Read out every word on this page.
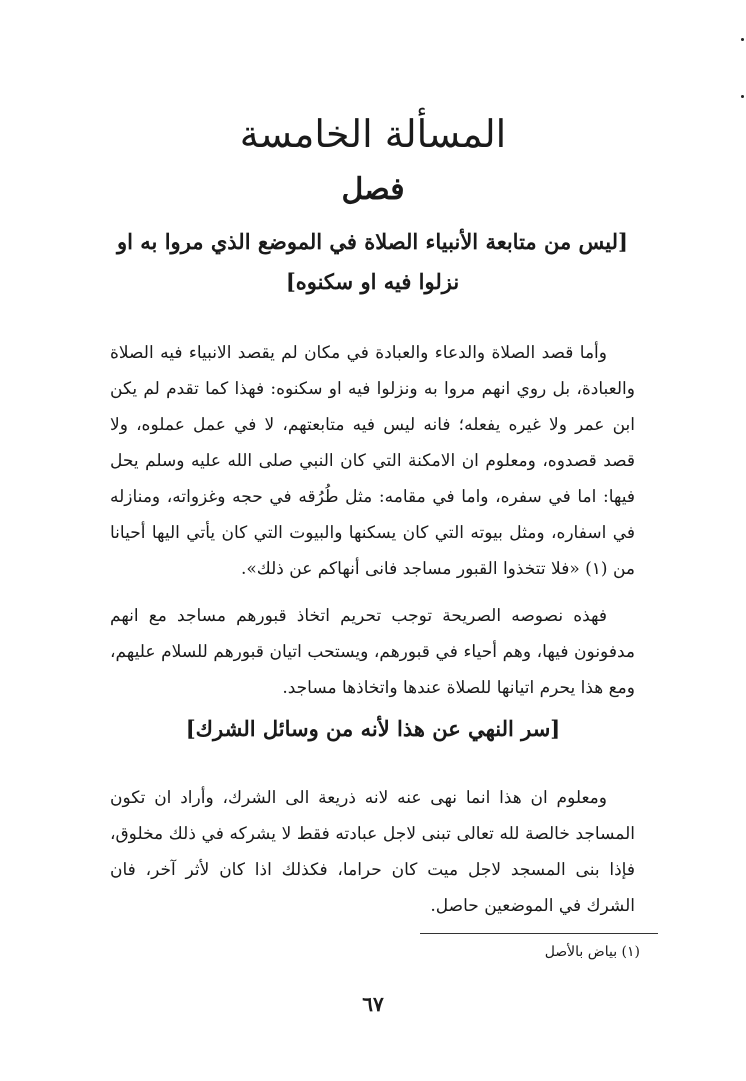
المسألة الخامسة
فصل

[ليس من متابعة الأنبياء الصلاة في الموضع الذي مروا به او نزلوا فيه او سكنوه]

وأما قصد الصلاة والدعاء والعبادة في مكان لم يقصد الانبياء فيه الصلاة والعبادة، بل روي انهم مروا به ونزلوا فيه او سكنوه: فهذا كما تقدم لم يكن ابن عمر ولا غيره يفعله؛ فانه ليس فيه متابعتهم، لا في عمل عملوه، ولا قصد قصدوه، ومعلوم ان الامكنة التي كان النبي صلى الله عليه وسلم يحل فيها: اما في سفره، واما في مقامه: مثل طُرُقه في حجه وغزواته، ومنازله في اسفاره، ومثل بيوته التي كان يسكنها والبيوت التي كان يأتي اليها أحيانا من (١) «فلا تتخذوا القبور مساجد فانى أنهاكم عن ذلك».

فهذه نصوصه الصريحة توجب تحريم اتخاذ قبورهم مساجد مع انهم مدفونون فيها، وهم أحياء في قبورهم، ويستحب اتيان قبورهم للسلام عليهم، ومع هذا يحرم اتيانها للصلاة عندها واتخاذها مساجد.

[سر النهي عن هذا لأنه من وسائل الشرك]

ومعلوم ان هذا انما نهى عنه لانه ذريعة الى الشرك، وأراد ان تكون المساجد خالصة لله تعالى تبنى لاجل عبادته فقط لا يشركه في ذلك مخلوق، فإذا بنى المسجد لاجل ميت كان حراما، فكذلك اذا كان لأثر آخر، فان الشرك في الموضعين حاصل.

(١) بياض بالأصل

٦٧
